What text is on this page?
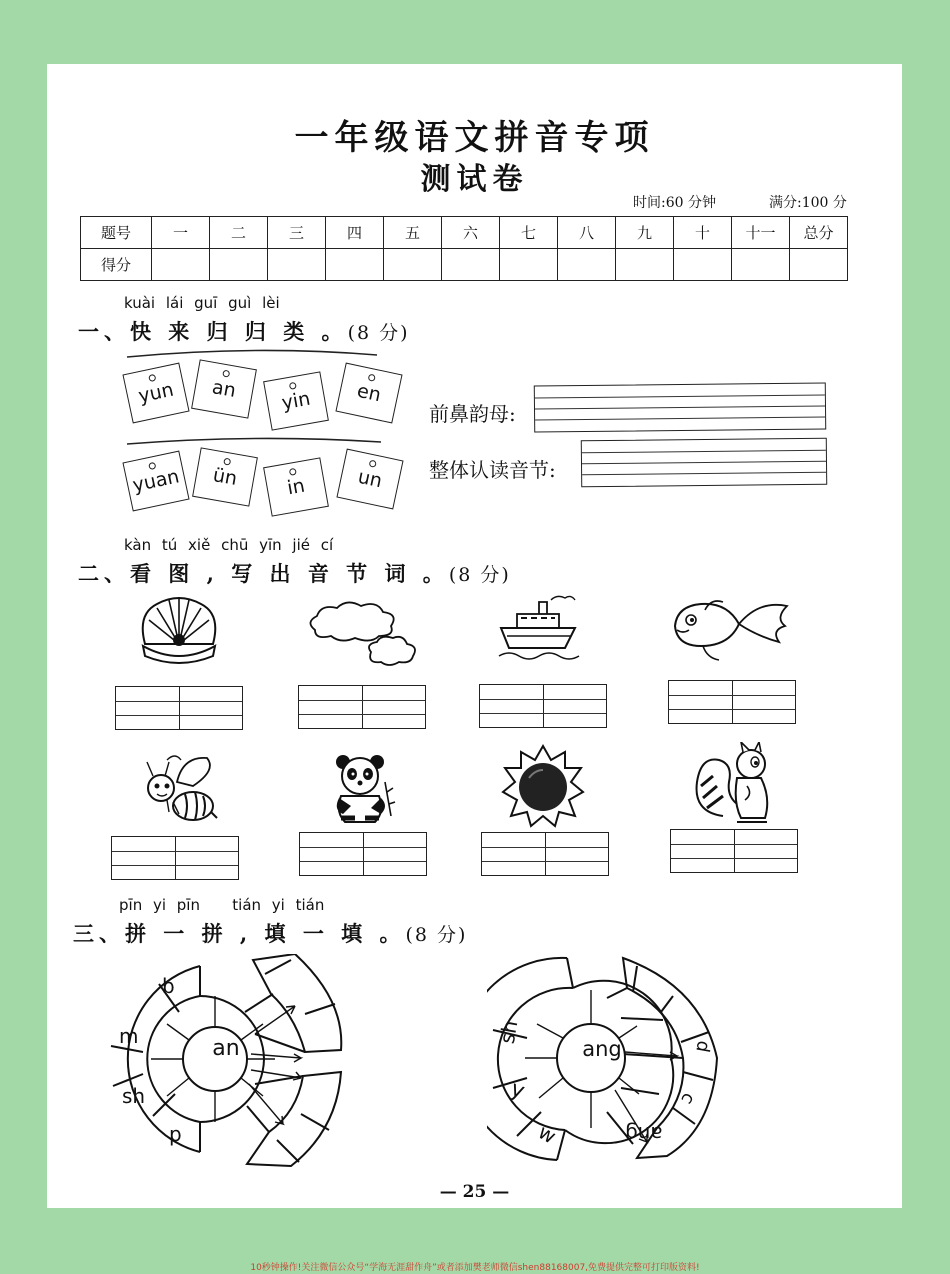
一年级语文拼音专项
测试卷
时间:60 分钟	满分:100 分
题号	一	二	三	四	五	六	七	八	九	十	十一	总分
得分												
kuài lái guī guì lèi
一、快 来 归 归 类 。(8 分)
yun an yin en
yuan ün in	un
前鼻韵母:
整体认读音节:
kàn tú xiě chū yīn jié cí
二、看 图 , 写 出 音 节 词 。(8 分)
pīn yi pīn   tián yi tián
三、拼 一 拼 , 填 一 填 。(8 分)
an
b
m
sh
p
ang
sh
y
w
d
c
ang
— 25 —
10秒钟操作!关注微信公众号“学海无涯甜作舟”或者添加樊老师微信shen88168007,免费提供完整可打印版资料!
